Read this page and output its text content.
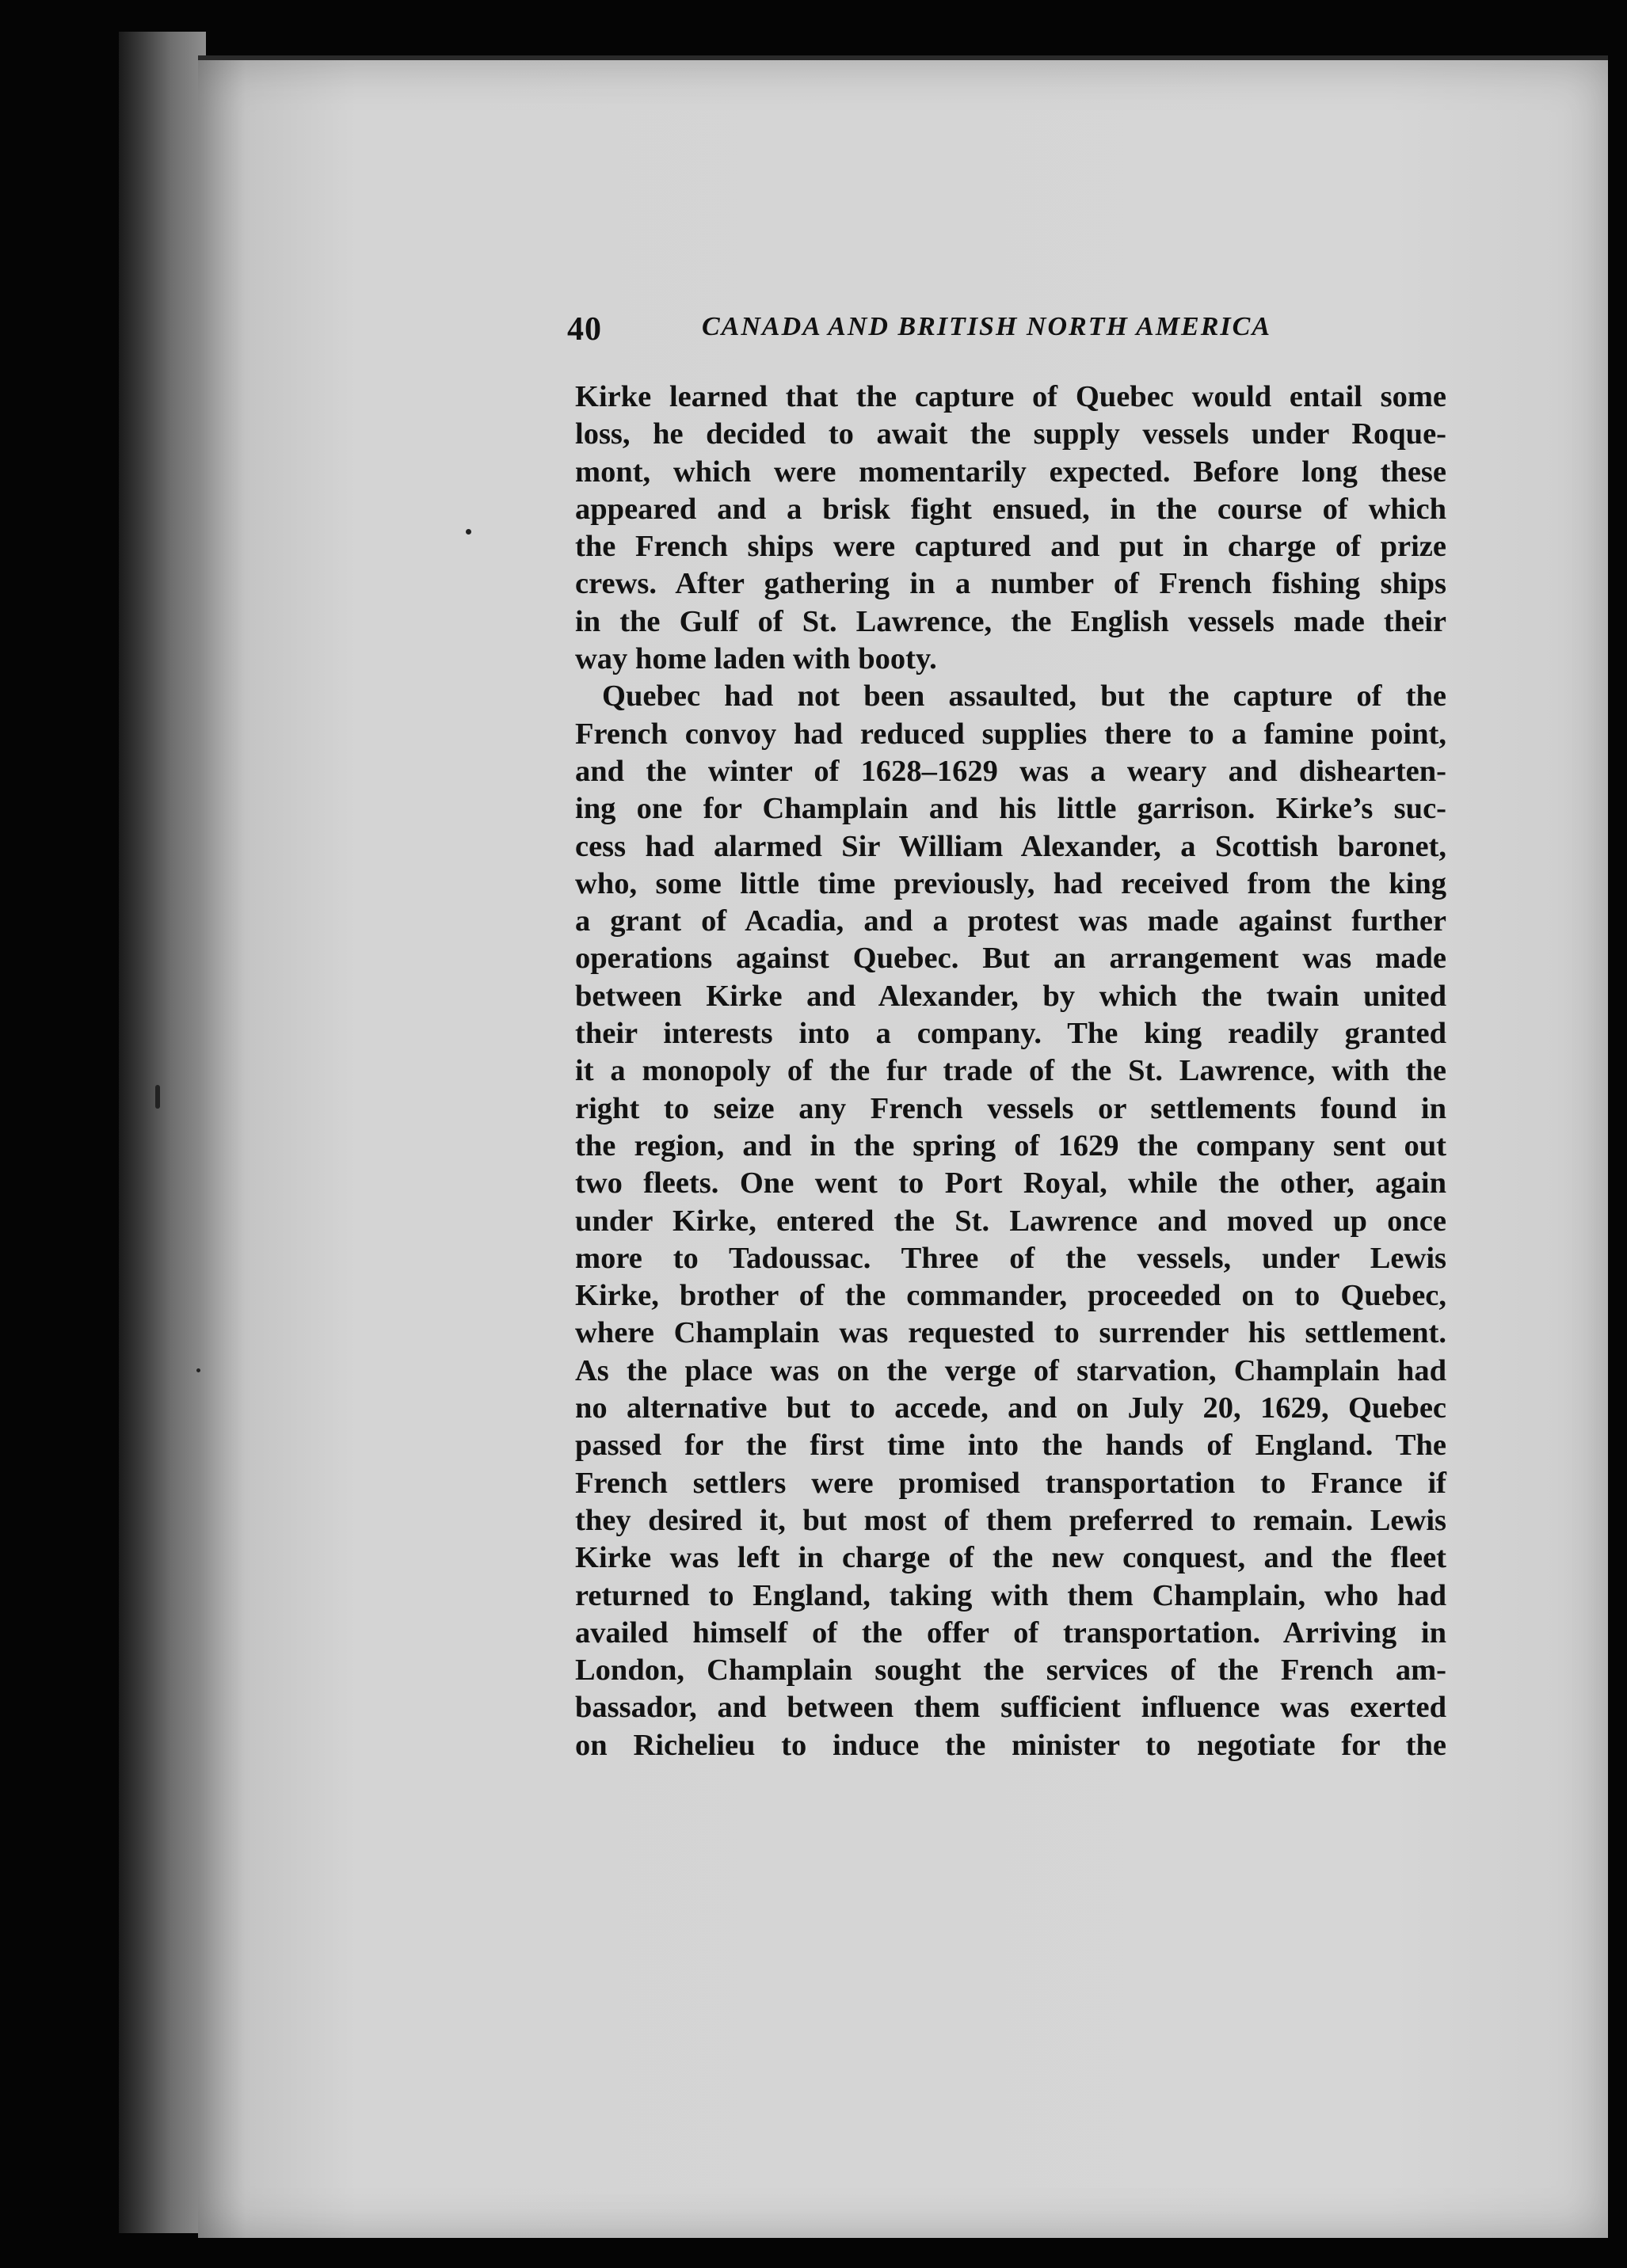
40	CANADA AND BRITISH NORTH AMERICA
Kirke learned that the capture of Quebec would entail some
loss, he decided to await the supply vessels under Roque-
mont, which were momentarily expected. Before long these
appeared and a brisk fight ensued, in the course of which
the French ships were captured and put in charge of prize
crews. After gathering in a number of French fishing ships
in the Gulf of St. Lawrence, the English vessels made their
way home laden with booty.
Quebec had not been assaulted, but the capture of the
French convoy had reduced supplies there to a famine point,
and the winter of 1628–1629 was a weary and dishearten-
ing one for Champlain and his little garrison. Kirke’s suc-
cess had alarmed Sir William Alexander, a Scottish baronet,
who, some little time previously, had received from the king
a grant of Acadia, and a protest was made against further
operations against Quebec. But an arrangement was made
between Kirke and Alexander, by which the twain united
their interests into a company. The king readily granted
it a monopoly of the fur trade of the St. Lawrence, with the
right to seize any French vessels or settlements found in
the region, and in the spring of 1629 the company sent out
two fleets. One went to Port Royal, while the other, again
under Kirke, entered the St. Lawrence and moved up once
more to Tadoussac. Three of the vessels, under Lewis
Kirke, brother of the commander, proceeded on to Quebec,
where Champlain was requested to surrender his settlement.
As the place was on the verge of starvation, Champlain had
no alternative but to accede, and on July 20, 1629, Quebec
passed for the first time into the hands of England. The
French settlers were promised transportation to France if
they desired it, but most of them preferred to remain. Lewis
Kirke was left in charge of the new conquest, and the fleet
returned to England, taking with them Champlain, who had
availed himself of the offer of transportation. Arriving in
London, Champlain sought the services of the French am-
bassador, and between them sufficient influence was exerted
on Richelieu to induce the minister to negotiate for the
